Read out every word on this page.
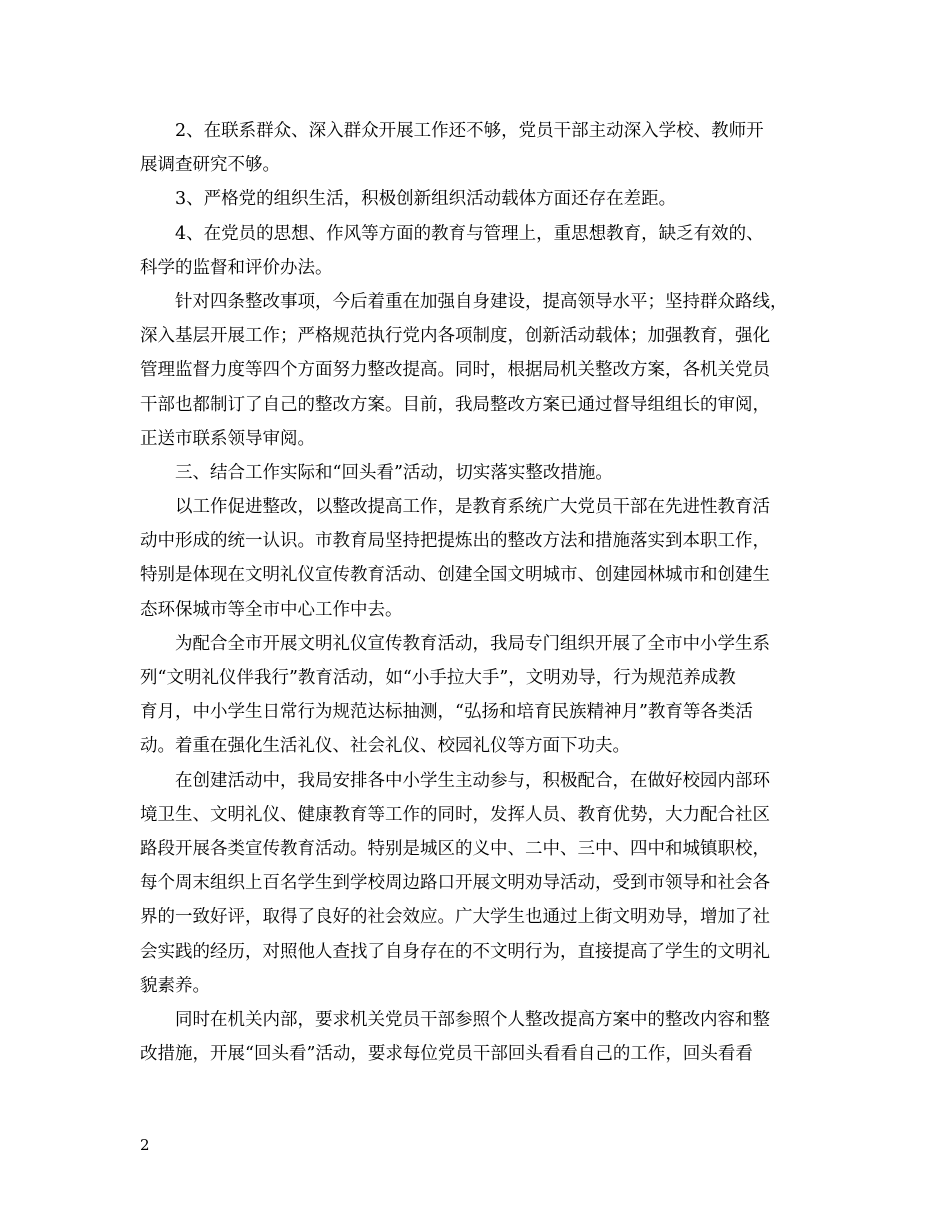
2、在联系群众、深入群众开展工作还不够，党员干部主动深入学校、教师开
展调查研究不够。
3、严格党的组织生活，积极创新组织活动载体方面还存在差距。
4、在党员的思想、作风等方面的教育与管理上，重思想教育，缺乏有效的、
科学的监督和评价办法。
针对四条整改事项，今后着重在加强自身建设，提高领导水平；坚持群众路线，
深入基层开展工作；严格规范执行党内各项制度，创新活动载体；加强教育，强化
管理监督力度等四个方面努力整改提高。同时，根据局机关整改方案，各机关党员
干部也都制订了自己的整改方案。目前，我局整改方案已通过督导组组长的审阅，
正送市联系领导审阅。
三、结合工作实际和“回头看”活动，切实落实整改措施。
以工作促进整改，以整改提高工作，是教育系统广大党员干部在先进性教育活
动中形成的统一认识。市教育局坚持把提炼出的整改方法和措施落实到本职工作，
特别是体现在文明礼仪宣传教育活动、创建全国文明城市、创建园林城市和创建生
态环保城市等全市中心工作中去。
为配合全市开展文明礼仪宣传教育活动，我局专门组织开展了全市中小学生系
列“文明礼仪伴我行”教育活动，如“小手拉大手”，文明劝导，行为规范养成教
育月，中小学生日常行为规范达标抽测，“弘扬和培育民族精神月”教育等各类活
动。着重在强化生活礼仪、社会礼仪、校园礼仪等方面下功夫。
在创建活动中，我局安排各中小学生主动参与，积极配合，在做好校园内部环
境卫生、文明礼仪、健康教育等工作的同时，发挥人员、教育优势，大力配合社区
路段开展各类宣传教育活动。特别是城区的义中、二中、三中、四中和城镇职校，
每个周末组织上百名学生到学校周边路口开展文明劝导活动，受到市领导和社会各
界的一致好评，取得了良好的社会效应。广大学生也通过上街文明劝导，增加了社
会实践的经历，对照他人查找了自身存在的不文明行为，直接提高了学生的文明礼
貌素养。
同时在机关内部，要求机关党员干部参照个人整改提高方案中的整改内容和整
改措施，开展“回头看”活动，要求每位党员干部回头看看自己的工作，回头看看
2
